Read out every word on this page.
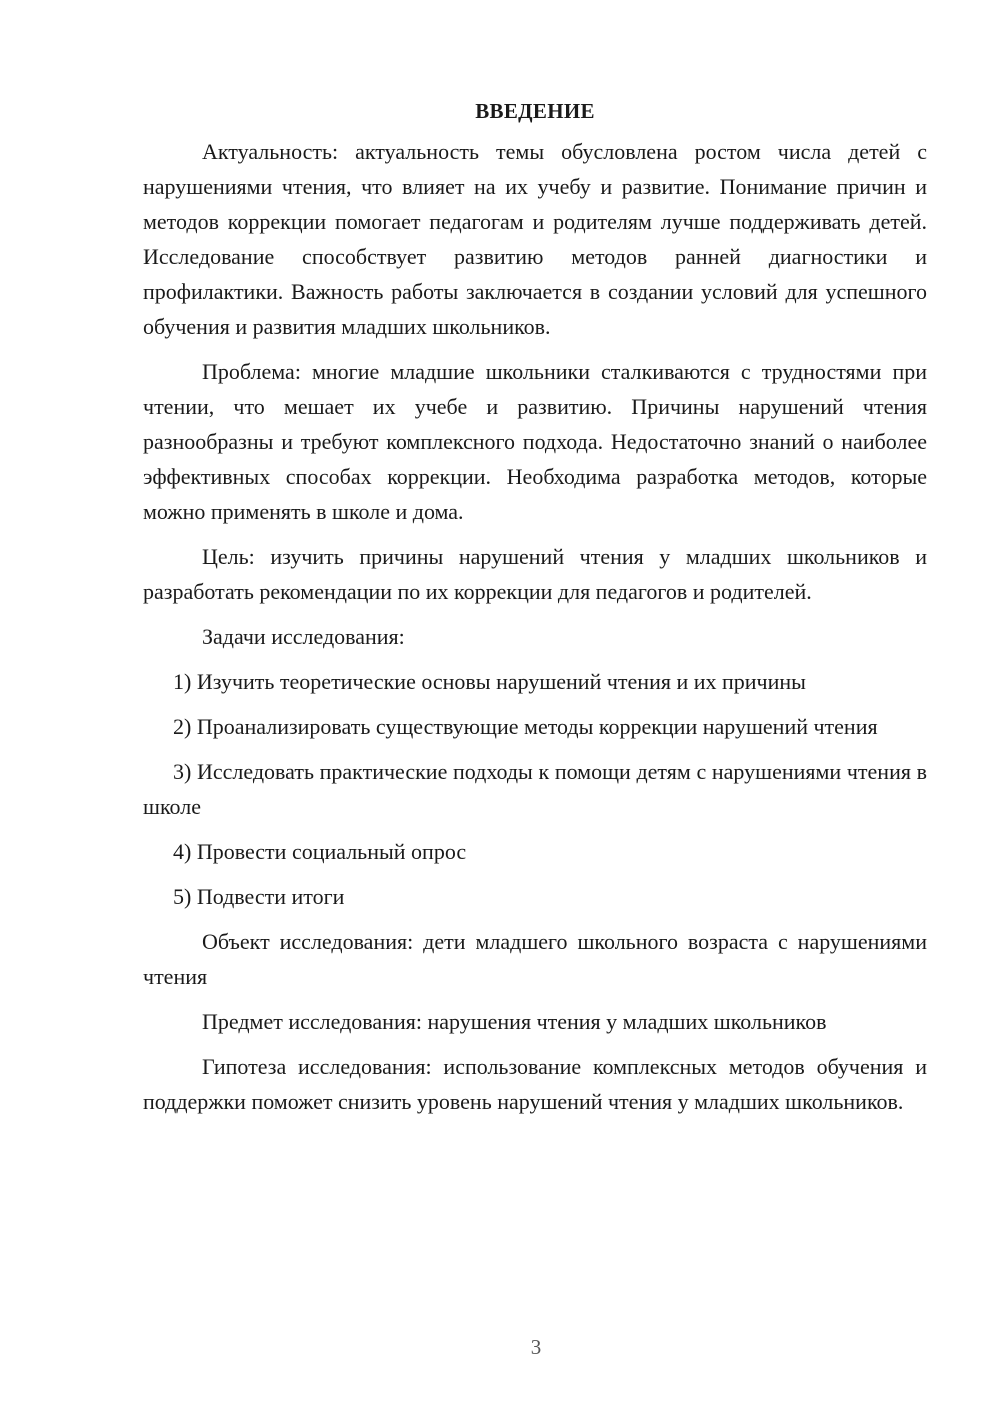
ВВЕДЕНИЕ

Актуальность: актуальность темы обусловлена ростом числа детей с нарушениями чтения, что влияет на их учебу и развитие. Понимание причин и методов коррекции помогает педагогам и родителям лучше поддерживать детей. Исследование способствует развитию методов ранней диагностики и профилактики. Важность работы заключается в создании условий для успешного обучения и развития младших школьников.

Проблема: многие младшие школьники сталкиваются с трудностями при чтении, что мешает их учебе и развитию. Причины нарушений чтения разнообразны и требуют комплексного подхода. Недостаточно знаний о наиболее эффективных способах коррекции. Необходима разработка методов, которые можно применять в школе и дома.

Цель: изучить причины нарушений чтения у младших школьников и разработать рекомендации по их коррекции для педагогов и родителей.

Задачи исследования:

1) Изучить теоретические основы нарушений чтения и их причины

2) Проанализировать существующие методы коррекции нарушений чтения

3) Исследовать практические подходы к помощи детям с нарушениями чтения в школе

4) Провести социальный опрос

5) Подвести итоги

Объект исследования: дети младшего школьного возраста с нарушениями чтения

Предмет исследования: нарушения чтения у младших школьников

Гипотеза исследования: использование комплексных методов обучения и поддержки поможет снизить уровень нарушений чтения у младших школьников.

3
